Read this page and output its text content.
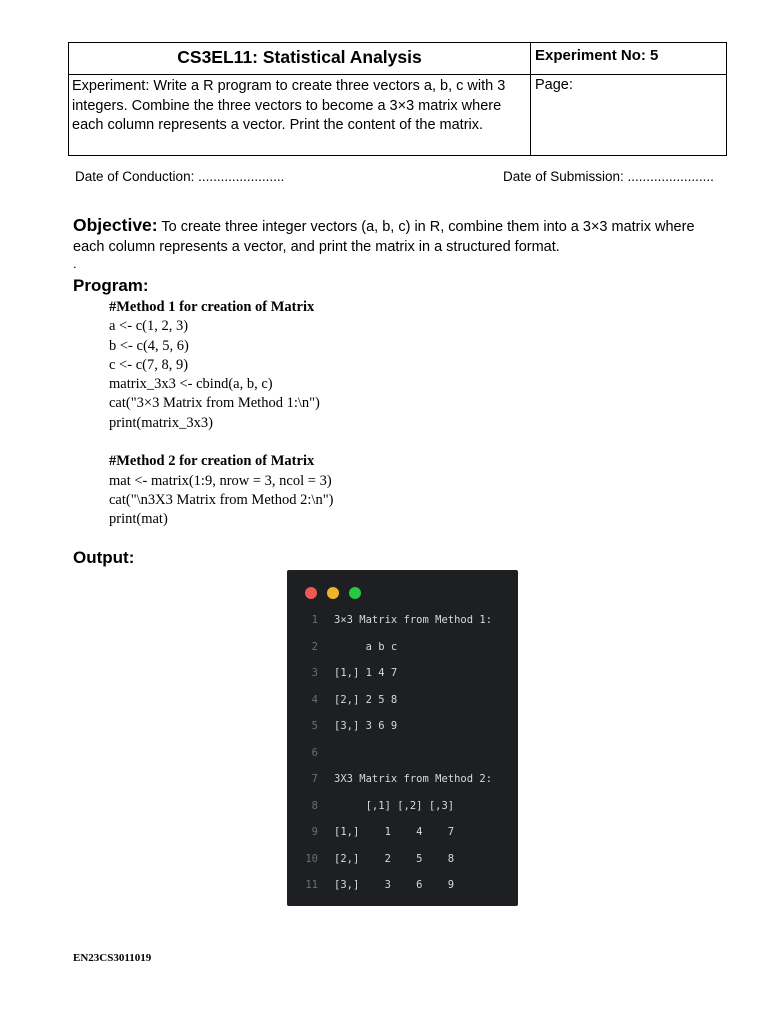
CS3EL11: Statistical Analysis	Experiment No: 5
Experiment: Write a R program to create three vectors a, b, c with 3 integers. Combine the three vectors to become a 3×3 matrix where each column represents a vector. Print the content of the matrix.
Page:
Date of Conduction: .......................	Date of Submission: .......................
Objective: To create three integer vectors (a, b, c) in R, combine them into a 3×3 matrix where each column represents a vector, and print the matrix in a structured format.
.
Program:
#Method 1 for creation of Matrix
a <- c(1, 2, 3)
b <- c(4, 5, 6)
c <- c(7, 8, 9)
matrix_3x3 <- cbind(a, b, c)
cat("3×3 Matrix from Method 1:\n")
print(matrix_3x3)
#Method 2 for creation of Matrix
mat <- matrix(1:9, nrow = 3, ncol = 3)
cat("\n3X3 Matrix from Method 2:\n")
print(mat)
Output:
1 3×3 Matrix from Method 1:
2 a b c
3 [1,] 1 4 7
4 [2,] 2 5 8
5 [3,] 3 6 9
6
7 3X3 Matrix from Method 2:
8 [,1] [,2] [,3]
9 [1,]    1    4    7
10 [2,]    2    5    8
11 [3,]    3    6    9
EN23CS3011019
